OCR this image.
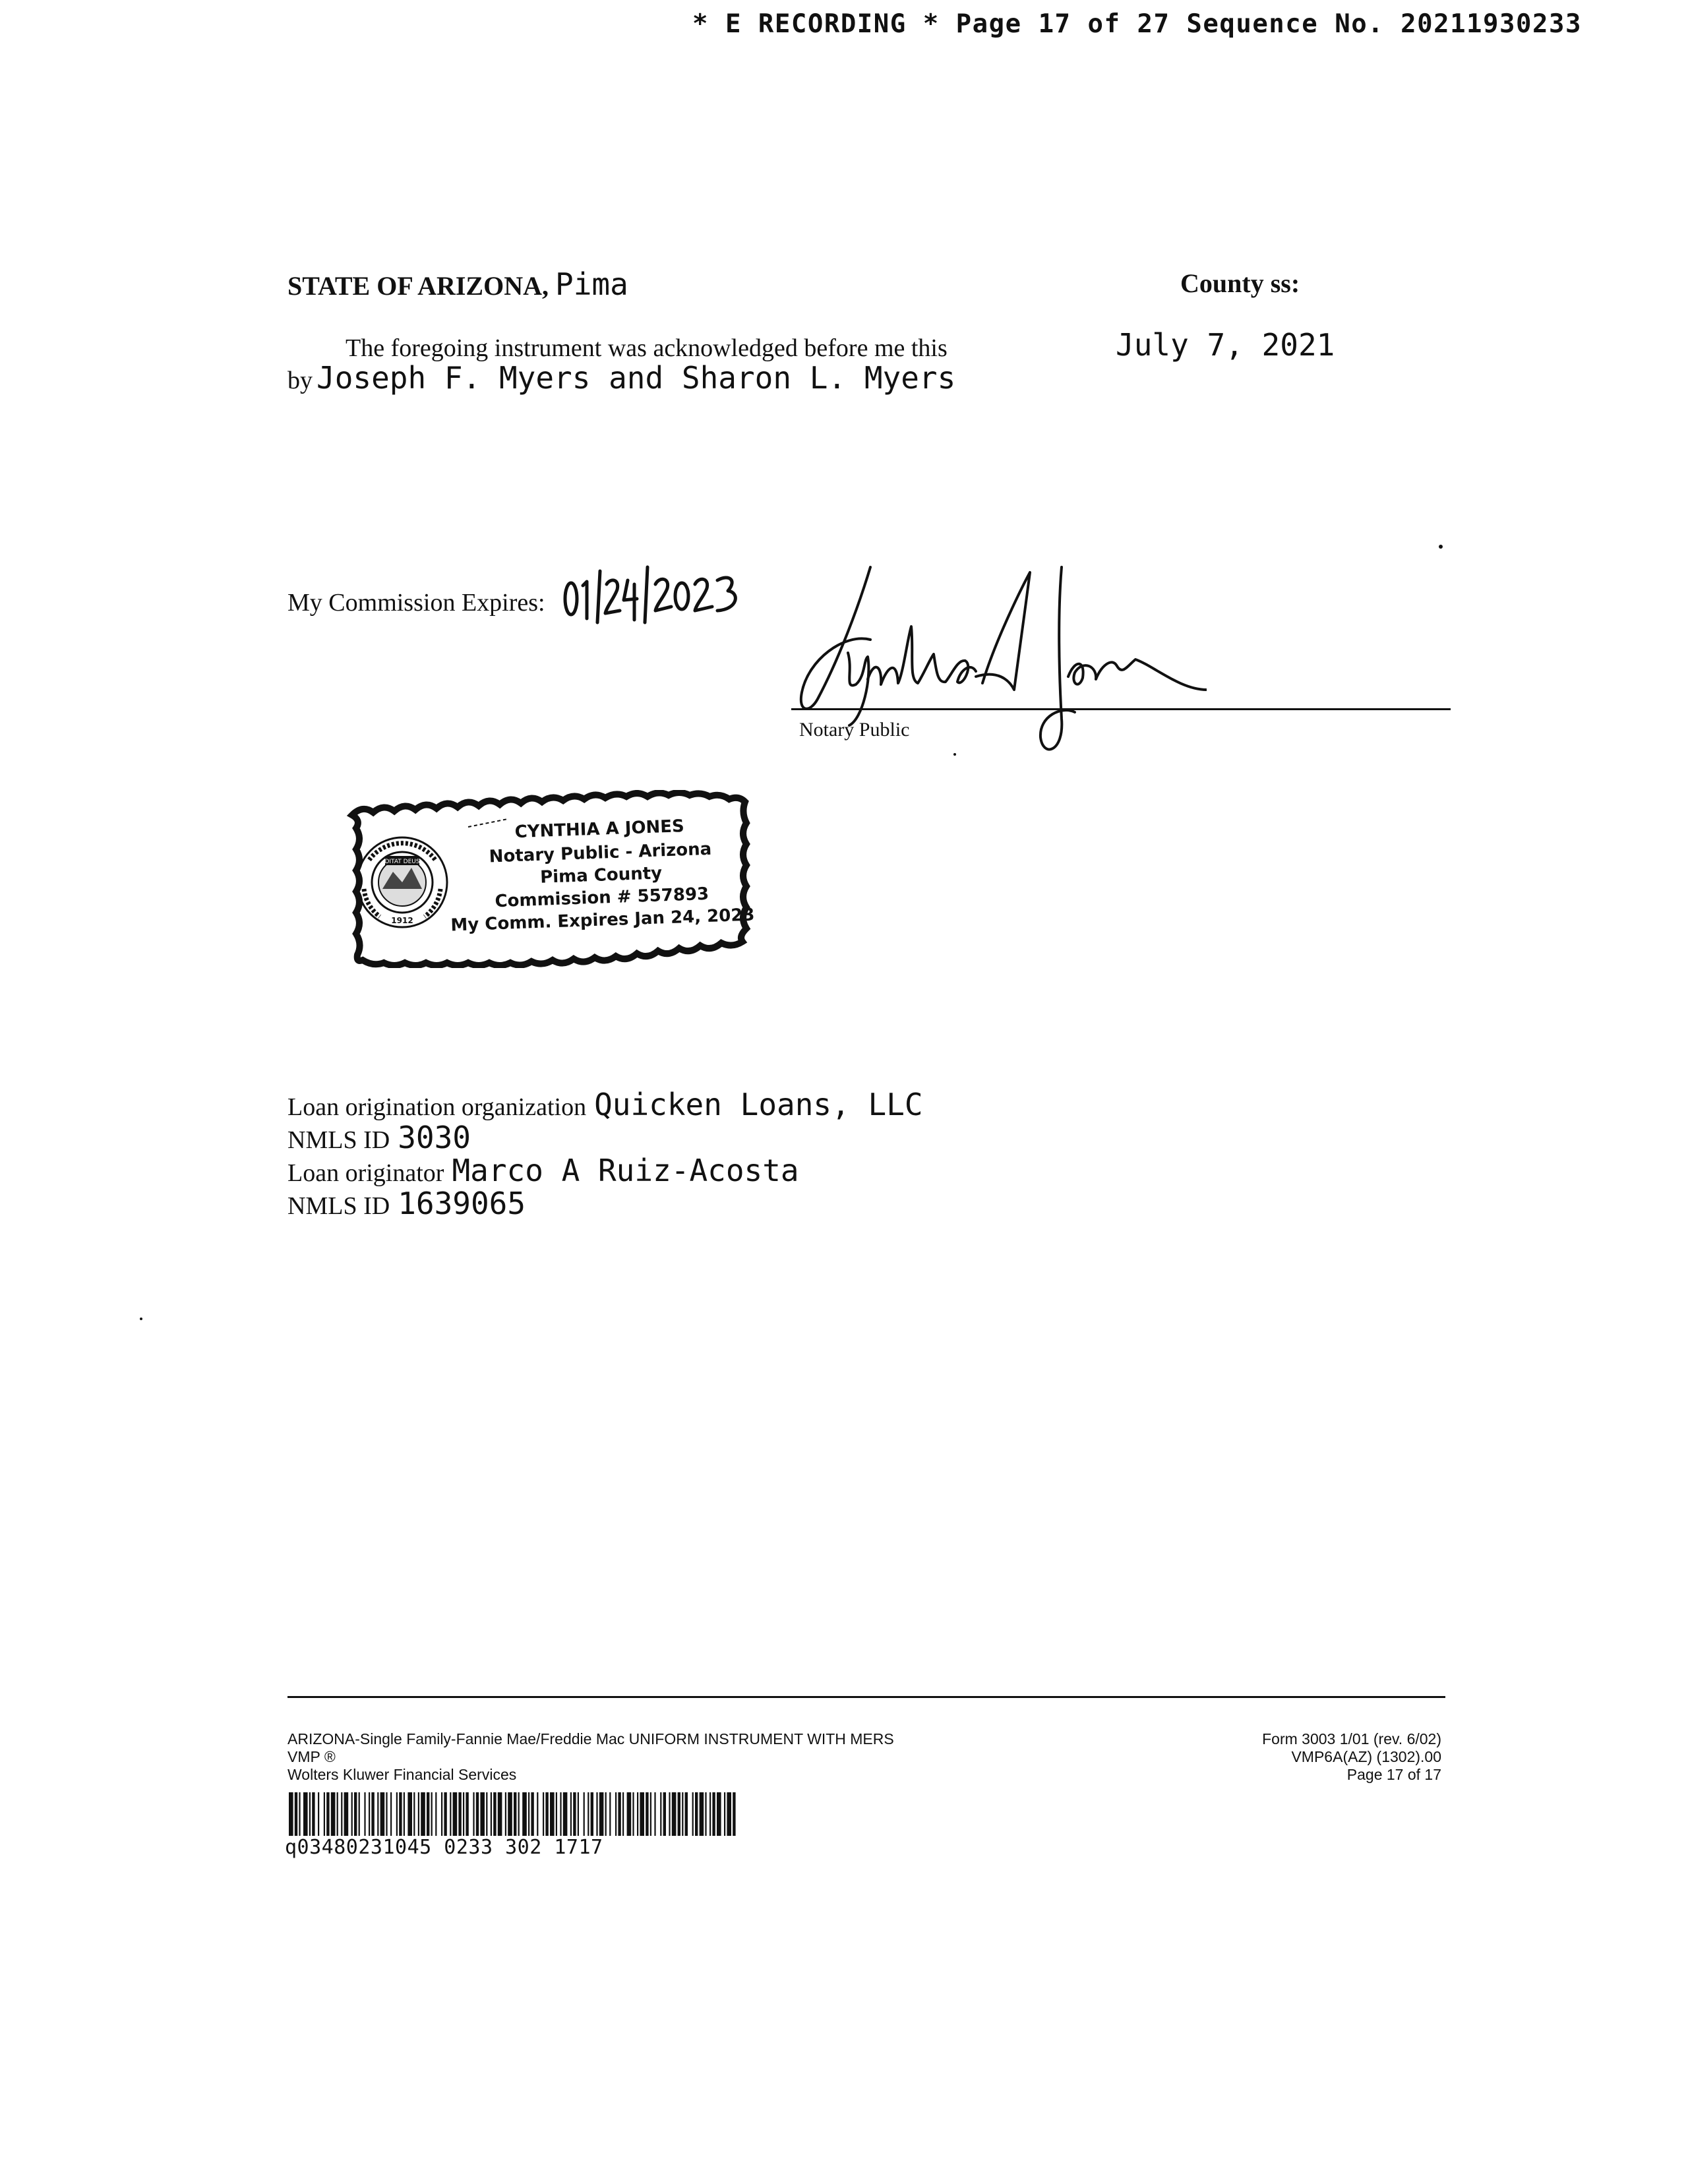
* E RECORDING * Page 17 of 27 Sequence No. 20211930233
STATE OF ARIZONA, Pima	County ss:
The foregoing instrument was acknowledged before me this	July 7, 2021
by Joseph F. Myers and Sharon L. Myers
My Commission Expires:
Notary Public
DITAT DEUS
1912
CYNTHIA A JONES
Notary Public - Arizona
Pima County
Commission # 557893
My Comm. Expires Jan 24, 2023
Loan origination organization Quicken Loans, LLC
NMLS ID 3030
Loan originator Marco A Ruiz-Acosta
NMLS ID 1639065
ARIZONA-Single Family-Fannie Mae/Freddie Mac UNIFORM INSTRUMENT WITH MERS
VMP ®
Wolters Kluwer Financial Services
Form 3003 1/01 (rev. 6/02)
VMP6A(AZ) (1302).00
Page 17 of 17
q03480231045 0233 302 1717
